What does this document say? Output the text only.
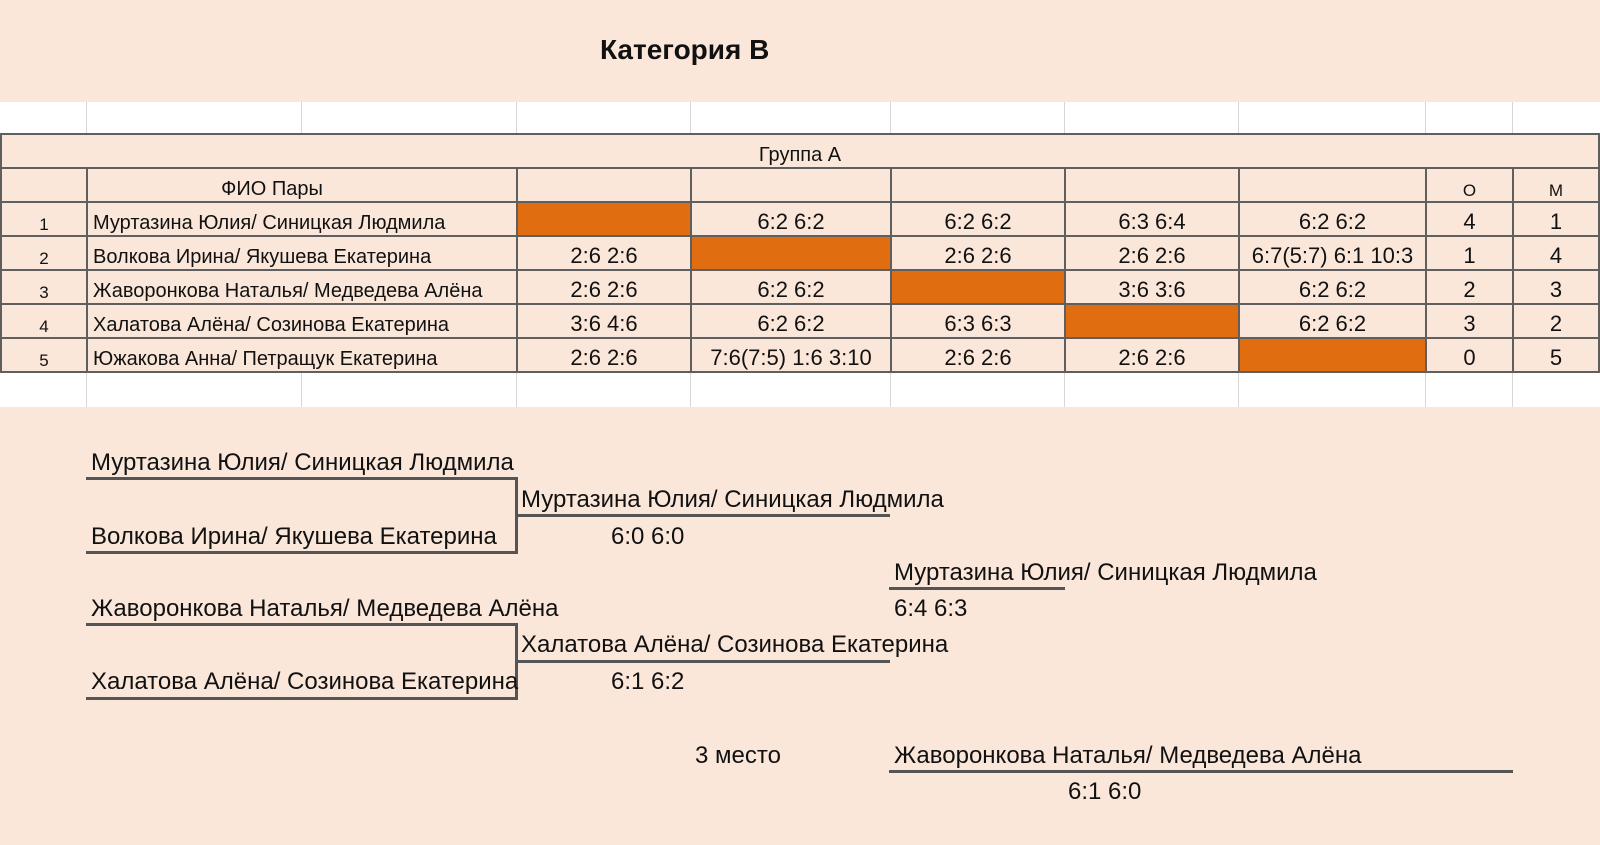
Категория В
Группа А								
	ФИО Пары						О	М
1	Муртазина Юлия/ Синицкая Людмила		6:2 6:2	6:2 6:2	6:3 6:4	6:2 6:2	4	1
2	Волкова Ирина/ Якушева Екатерина	2:6 2:6		2:6 2:6	2:6 2:6	6:7(5:7) 6:1 10:3	1	4
3	Жаворонкова Наталья/ Медведева Алёна	2:6 2:6	6:2 6:2		3:6 3:6	6:2 6:2	2	3
4	Халатова Алёна/ Созинова Екатерина	3:6 4:6	6:2 6:2	6:3 6:3		6:2 6:2	3	2
5	Южакова Анна/ Петращук Екатерина	2:6 2:6	7:6(7:5) 1:6 3:10	2:6 2:6	2:6 2:6		0	5
Муртазина Юлия/ Синицкая Людмила
Муртазина Юлия/ Синицкая Людмила
Волкова Ирина/ Якушева Екатерина	6:0 6:0
Муртазина Юлия/ Синицкая Людмила
6:4 6:3
Жаворонкова Наталья/ Медведева Алёна
Халатова Алёна/ Созинова Екатерина
Халатова Алёна/ Созинова Екатерина	6:1 6:2
3 место	Жаворонкова Наталья/ Медведева Алёна
6:1 6:0
